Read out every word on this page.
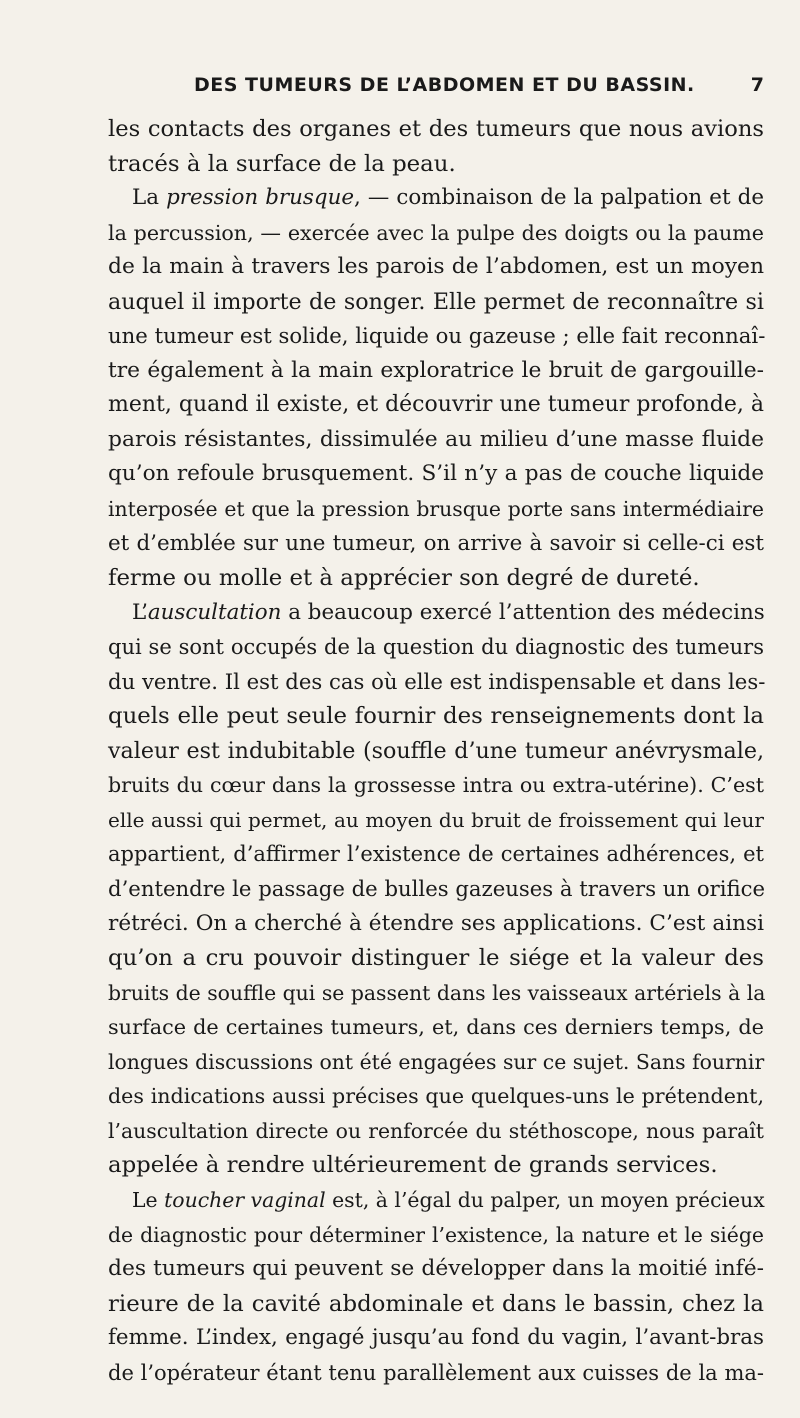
DES TUMEURS DE L’ABDOMEN ET DU BASSIN.	7
les contacts des organes et des tumeurs que nous avions
tracés à la surface de la peau.
La pression brusque, — combinaison de la palpation et de
la percussion, — exercée avec la pulpe des doigts ou la paume
de la main à travers les parois de l’abdomen, est un moyen
auquel il importe de songer. Elle permet de reconnaître si
une tumeur est solide, liquide ou gazeuse ; elle fait reconnaî-
tre également à la main exploratrice le bruit de gargouille-
ment, quand il existe, et découvrir une tumeur profonde, à
parois résistantes, dissimulée au milieu d’une masse fluide
qu’on refoule brusquement. S’il n’y a pas de couche liquide
interposée et que la pression brusque porte sans intermédiaire
et d’emblée sur une tumeur, on arrive à savoir si celle-ci est
ferme ou molle et à apprécier son degré de dureté.
L’auscultation a beaucoup exercé l’attention des médecins
qui se sont occupés de la question du diagnostic des tumeurs
du ventre. Il est des cas où elle est indispensable et dans les-
quels elle peut seule fournir des renseignements dont la
valeur est indubitable (souffle d’une tumeur anévrysmale,
bruits du cœur dans la grossesse intra ou extra-utérine). C’est
elle aussi qui permet, au moyen du bruit de froissement qui leur
appartient, d’affirmer l’existence de certaines adhérences, et
d’entendre le passage de bulles gazeuses à travers un orifice
rétréci. On a cherché à étendre ses applications. C’est ainsi
qu’on a cru pouvoir distinguer le siége et la valeur des
bruits de souffle qui se passent dans les vaisseaux artériels à la
surface de certaines tumeurs, et, dans ces derniers temps, de
longues discussions ont été engagées sur ce sujet. Sans fournir
des indications aussi précises que quelques-uns le prétendent,
l’auscultation directe ou renforcée du stéthoscope, nous paraît
appelée à rendre ultérieurement de grands services.
Le toucher vaginal est, à l’égal du palper, un moyen précieux
de diagnostic pour déterminer l’existence, la nature et le siége
des tumeurs qui peuvent se développer dans la moitié infé-
rieure de la cavité abdominale et dans le bassin, chez la
femme. L’index, engagé jusqu’au fond du vagin, l’avant-bras
de l’opérateur étant tenu parallèlement aux cuisses de la ma-
